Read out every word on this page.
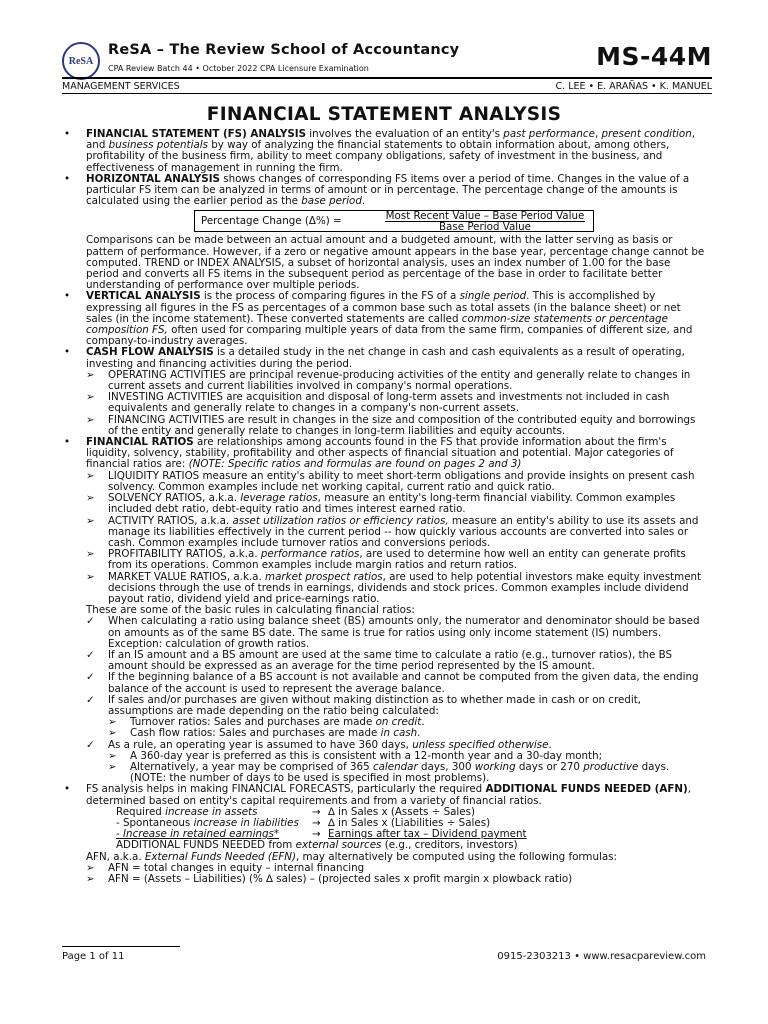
ReSA
ReSA – The Review School of Accountancy
CPA Review Batch 44 • October 2022 CPA Licensure Examination	MS-44M
MANAGEMENT SERVICES	C. LEE • E. ARAÑAS • K. MANUEL
FINANCIAL STATEMENT ANALYSIS
• FINANCIAL STATEMENT (FS) ANALYSIS involves the evaluation of an entity's past performance, present condition, and business potentials by way of analyzing the financial statements to obtain information about, among others, profitability of the business firm, ability to meet company obligations, safety of investment in the business, and effectiveness of management in running the firm.
• HORIZONTAL ANALYSIS shows changes of corresponding FS items over a period of time. Changes in the value of a particular FS item can be analyzed in terms of amount or in percentage. The percentage change of the amounts is calculated using the earlier period as the base period.
Percentage Change (Δ%) =	Most Recent Value – Base Period Value
Base Period Value
Comparisons can be made between an actual amount and a budgeted amount, with the latter serving as basis or pattern of performance. However, if a zero or negative amount appears in the base year, percentage change cannot be computed. TREND or INDEX ANALYSIS, a subset of horizontal analysis, uses an index number of 1.00 for the base period and converts all FS items in the subsequent period as percentage of the base in order to facilitate better understanding of performance over multiple periods.
• VERTICAL ANALYSIS is the process of comparing figures in the FS of a single period. This is accomplished by expressing all figures in the FS as percentages of a common base such as total assets (in the balance sheet) or net sales (in the income statement). These converted statements are called common-size statements or percentage composition FS, often used for comparing multiple years of data from the same firm, companies of different size, and company-to-industry averages.
• CASH FLOW ANALYSIS is a detailed study in the net change in cash and cash equivalents as a result of operating, investing and financing activities during the period.
➢ OPERATING ACTIVITIES are principal revenue-producing activities of the entity and generally relate to changes in current assets and current liabilities involved in company's normal operations.
➢ INVESTING ACTIVITIES are acquisition and disposal of long-term assets and investments not included in cash equivalents and generally relate to changes in a company's non-current assets.
➢ FINANCING ACTIVITIES are result in changes in the size and composition of the contributed equity and borrowings of the entity and generally relate to changes in long-term liabilities and equity accounts.
• FINANCIAL RATIOS are relationships among accounts found in the FS that provide information about the firm's liquidity, solvency, stability, profitability and other aspects of financial situation and potential. Major categories of financial ratios are: (NOTE: Specific ratios and formulas are found on pages 2 and 3)
➢ LIQUIDITY RATIOS measure an entity's ability to meet short-term obligations and provide insights on present cash solvency. Common examples include net working capital, current ratio and quick ratio.
➢ SOLVENCY RATIOS, a.k.a. leverage ratios, measure an entity's long-term financial viability. Common examples included debt ratio, debt-equity ratio and times interest earned ratio.
➢ ACTIVITY RATIOS, a.k.a. asset utilization ratios or efficiency ratios, measure an entity's ability to use its assets and manage its liabilities effectively in the current period -- how quickly various accounts are converted into sales or cash. Common examples include turnover ratios and conversions periods.
➢ PROFITABILITY RATIOS, a.k.a. performance ratios, are used to determine how well an entity can generate profits from its operations. Common examples include margin ratios and return ratios.
➢ MARKET VALUE RATIOS, a.k.a. market prospect ratios, are used to help potential investors make equity investment decisions through the use of trends in earnings, dividends and stock prices. Common examples include dividend payout ratio, dividend yield and price-earnings ratio.
These are some of the basic rules in calculating financial ratios:
✓ When calculating a ratio using balance sheet (BS) amounts only, the numerator and denominator should be based on amounts as of the same BS date. The same is true for ratios using only income statement (IS) numbers. Exception: calculation of growth ratios.
✓ If an IS amount and a BS amount are used at the same time to calculate a ratio (e.g., turnover ratios), the BS amount should be expressed as an average for the time period represented by the IS amount.
✓ If the beginning balance of a BS account is not available and cannot be computed from the given data, the ending balance of the account is used to represent the average balance.
✓ If sales and/or purchases are given without making distinction as to whether made in cash or on credit, assumptions are made depending on the ratio being calculated:
➢ Turnover ratios: Sales and purchases are made on credit.
➢ Cash flow ratios: Sales and purchases are made in cash.
✓ As a rule, an operating year is assumed to have 360 days, unless specified otherwise.
➢ A 360-day year is preferred as this is consistent with a 12-month year and a 30-day month;
➢ Alternatively, a year may be comprised of 365 calendar days, 300 working days or 270 productive days. (NOTE: the number of days to be used is specified in most problems).
• FS analysis helps in making FINANCIAL FORECASTS, particularly the required ADDITIONAL FUNDS NEEDED (AFN), determined based on entity's capital requirements and from a variety of financial ratios.
Required increase in assets	→ ∆ in Sales x (Assets ÷ Sales)
- Spontaneous increase in liabilities	→ ∆ in Sales x (Liabilities ÷ Sales)
- Increase in retained earnings*	→ Earnings after tax – Dividend payment
ADDITIONAL FUNDS NEEDED from external sources (e.g., creditors, investors)
AFN, a.k.a. External Funds Needed (EFN), may alternatively be computed using the following formulas:
➢ AFN = total changes in equity – internal financing
➢ AFN = (Assets – Liabilities) (% ∆ sales) – (projected sales x profit margin x plowback ratio)
Page 1 of 11	0915-2303213 • www.resacpareview.com
